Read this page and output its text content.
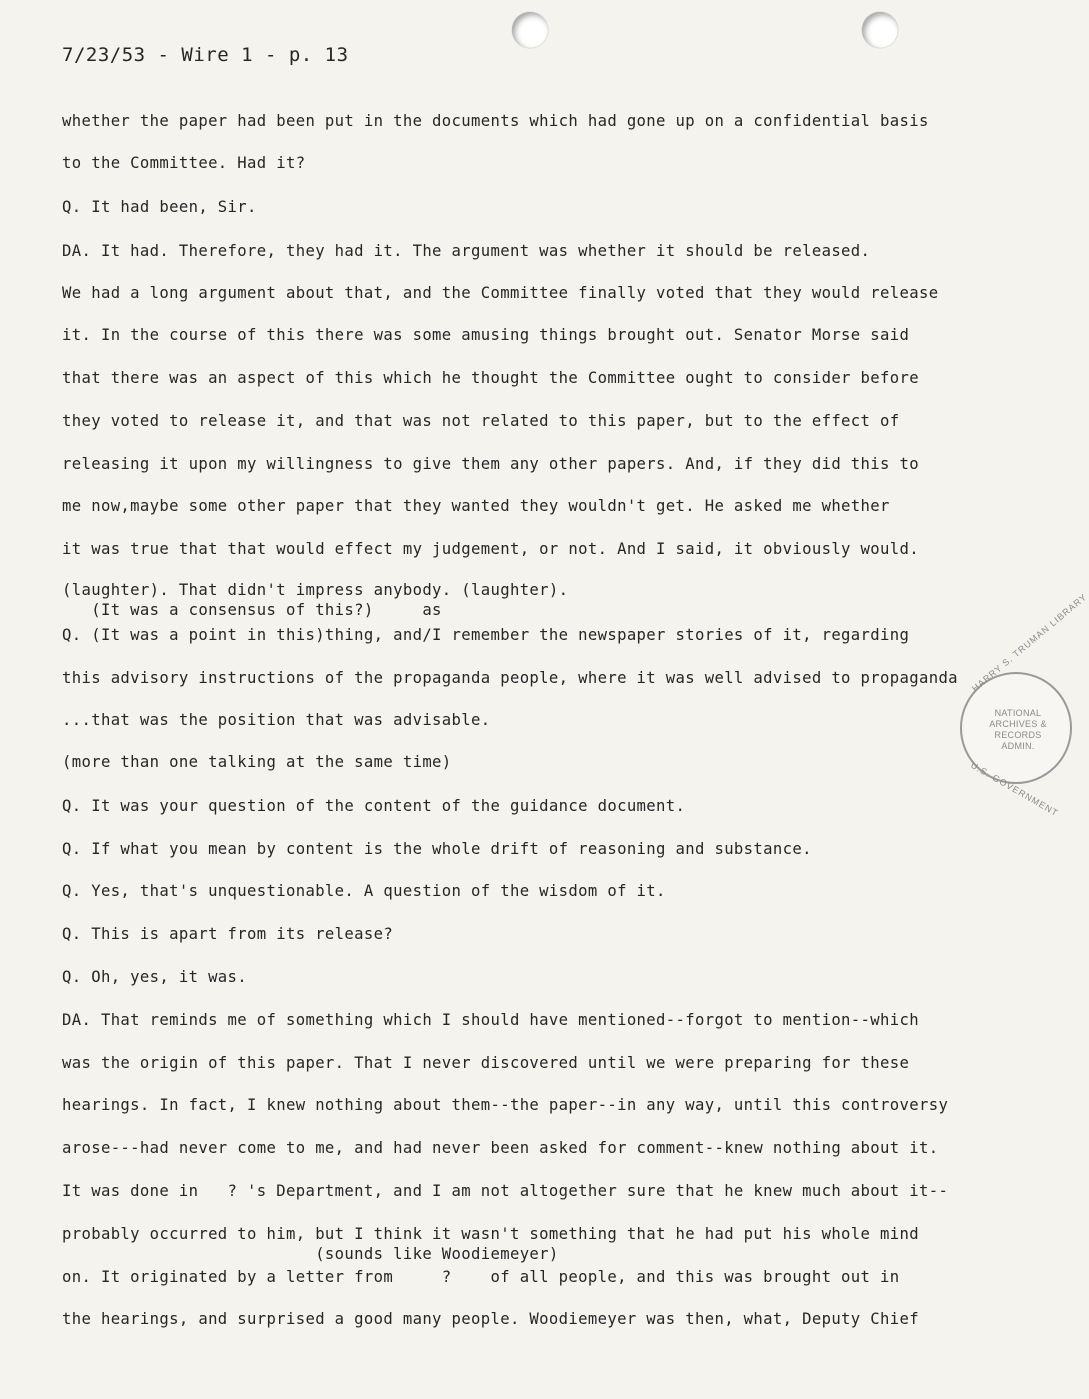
7/23/53 - Wire 1 - p. 13
whether the paper had been put in the documents which had gone up on a confidential basis
to the Committee. Had it?
Q. It had been, Sir.
DA. It had. Therefore, they had it. The argument was whether it should be released.
We had a long argument about that, and the Committee finally voted that they would release
it. In the course of this there was some amusing things brought out. Senator Morse said
that there was an aspect of this which he thought the Committee ought to consider before
they voted to release it, and that was not related to this paper, but to the effect of
releasing it upon my willingness to give them any other papers. And, if they did this to
me now,maybe some other paper that they wanted they wouldn't get. He asked me whether
it was true that that would effect my judgement, or not. And I said, it obviously would.
(laughter). That didn't impress anybody. (laughter).
(It was a consensus of this?)     as
Q. (It was a point in this)thing, and/I remember the newspaper stories of it, regarding
this advisory instructions of the propaganda people, where it was well advised to propaganda
...that was the position that was advisable.
(more than one talking at the same time)
Q. It was your question of the content of the guidance document.
Q. If what you mean by content is the whole drift of reasoning and substance.
Q. Yes, that's unquestionable. A question of the wisdom of it.
Q. This is apart from its release?
Q. Oh, yes, it was.
DA. That reminds me of something which I should have mentioned--forgot to mention--which
was the origin of this paper. That I never discovered until we were preparing for these
hearings. In fact, I knew nothing about them--the paper--in any way, until this controversy
arose---had never come to me, and had never been asked for comment--knew nothing about it.
It was done in   ? 's Department, and I am not altogether sure that he knew much about it--
probably occurred to him, but I think it wasn't something that he had put his whole mind
(sounds like Woodiemeyer)
on. It originated by a letter from     ?    of all people, and this was brought out in
the hearings, and surprised a good many people. Woodiemeyer was then, what, Deputy Chief
HARRY S. TRUMAN LIBRARY
NATIONAL
ARCHIVES &
RECORDS
ADMIN.
U.S. GOVERNMENT
